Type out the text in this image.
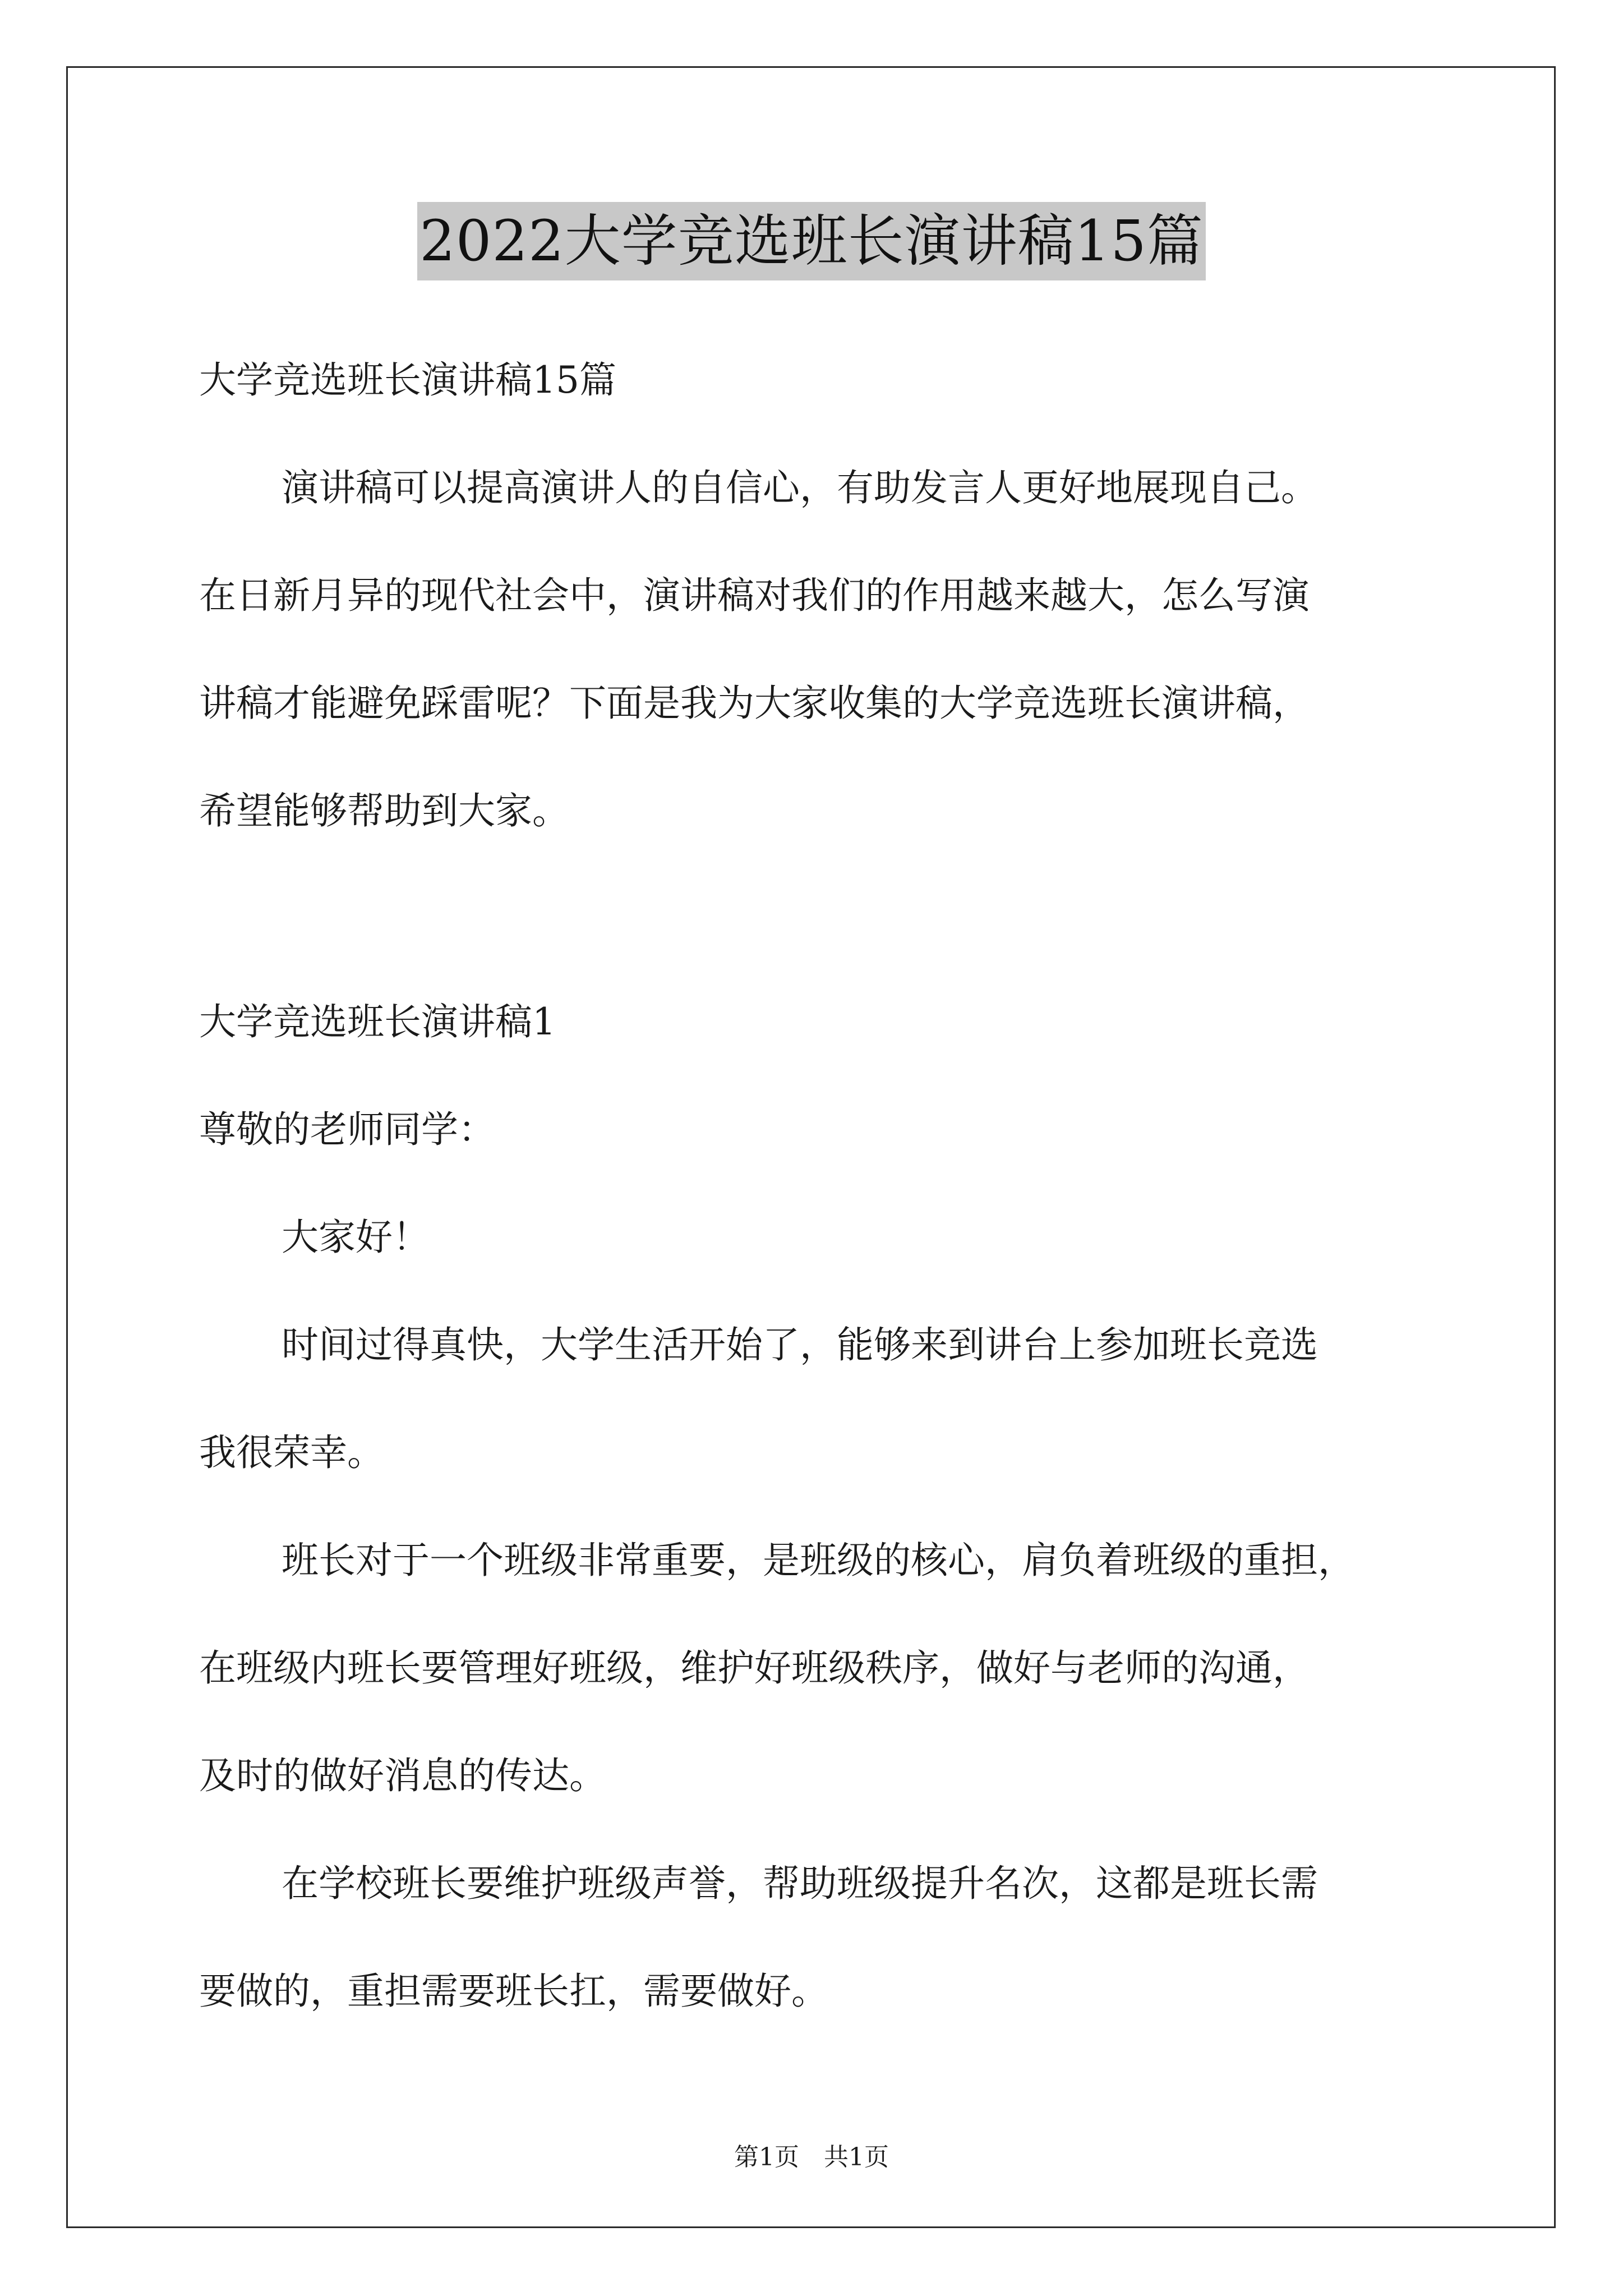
2022大学竞选班长演讲稿15篇
大学竞选班长演讲稿15篇
演讲稿可以提高演讲人的自信心，有助发言人更好地展现自己。
在日新月异的现代社会中，演讲稿对我们的作用越来越大，怎么写演
讲稿才能避免踩雷呢？下面是我为大家收集的大学竞选班长演讲稿，
希望能够帮助到大家。
大学竞选班长演讲稿1
尊敬的老师同学：
大家好！
时间过得真快，大学生活开始了，能够来到讲台上参加班长竞选
我很荣幸。
班长对于一个班级非常重要，是班级的核心，肩负着班级的重担，
在班级内班长要管理好班级，维护好班级秩序，做好与老师的沟通，
及时的做好消息的传达。
在学校班长要维护班级声誉，帮助班级提升名次，这都是班长需
要做的，重担需要班长扛，需要做好。
第1页 共1页
